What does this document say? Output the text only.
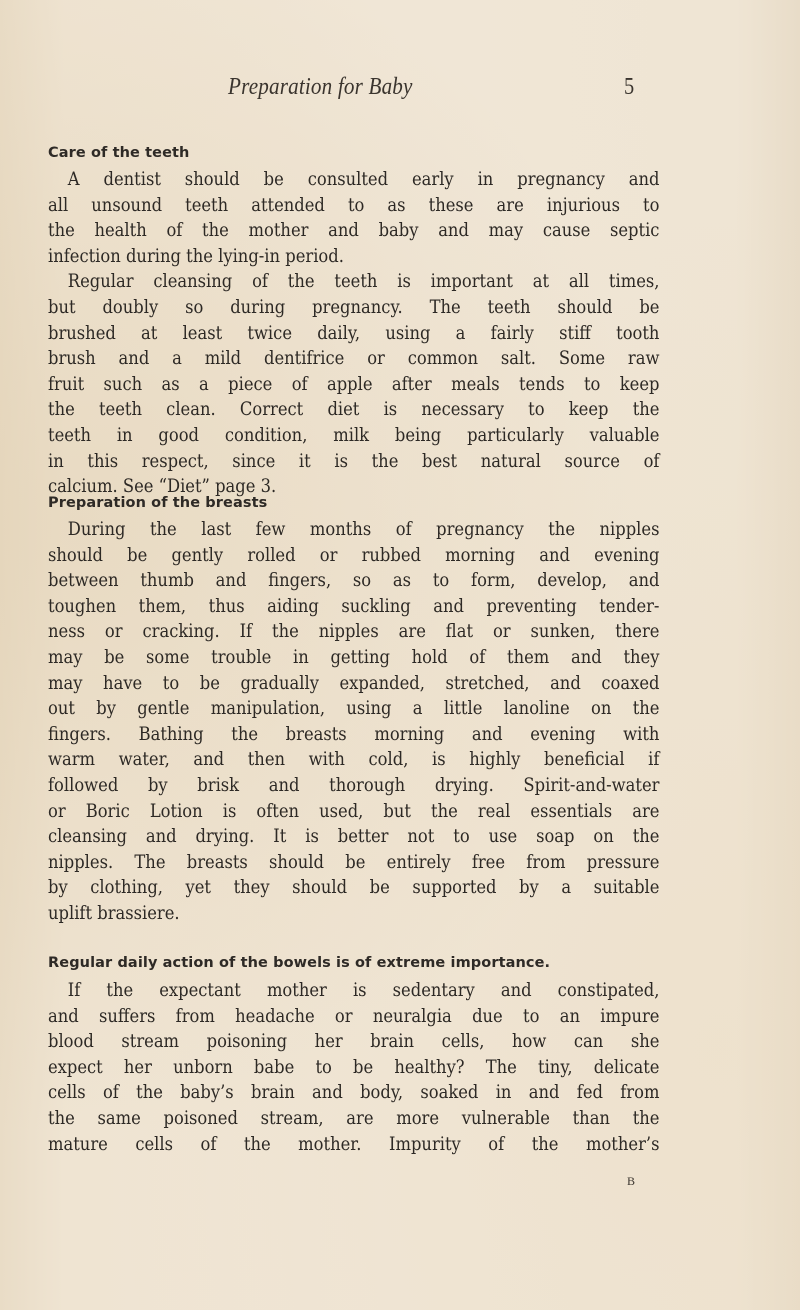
Preparation for Baby	5
Care of the teeth
A dentist should be consulted early in pregnancy and
all unsound teeth attended to as these are injurious to
the health of the mother and baby and may cause septic
infection during the lying-in period.
Regular cleansing of the teeth is important at all times,
but doubly so during pregnancy. The teeth should be
brushed at least twice daily, using a fairly stiff tooth
brush and a mild dentifrice or common salt. Some raw
fruit such as a piece of apple after meals tends to keep
the teeth clean. Correct diet is necessary to keep the
teeth in good condition, milk being particularly valuable
in this respect, since it is the best natural source of
calcium. See “Diet” page 3.
Preparation of the breasts
During the last few months of pregnancy the nipples
should be gently rolled or rubbed morning and evening
between thumb and fingers, so as to form, develop, and
toughen them, thus aiding suckling and preventing tender-
ness or cracking. If the nipples are flat or sunken, there
may be some trouble in getting hold of them and they
may have to be gradually expanded, stretched, and coaxed
out by gentle manipulation, using a little lanoline on the
fingers. Bathing the breasts morning and evening with
warm water, and then with cold, is highly beneficial if
followed by brisk and thorough drying. Spirit-and-water
or Boric Lotion is often used, but the real essentials are
cleansing and drying. It is better not to use soap on the
nipples. The breasts should be entirely free from pressure
by clothing, yet they should be supported by a suitable
uplift brassiere.
Regular daily action of the bowels is of extreme importance.
If the expectant mother is sedentary and constipated,
and suffers from headache or neuralgia due to an impure
blood stream poisoning her brain cells, how can she
expect her unborn babe to be healthy? The tiny, delicate
cells of the baby’s brain and body, soaked in and fed from
the same poisoned stream, are more vulnerable than the
mature cells of the mother. Impurity of the mother’s
B
